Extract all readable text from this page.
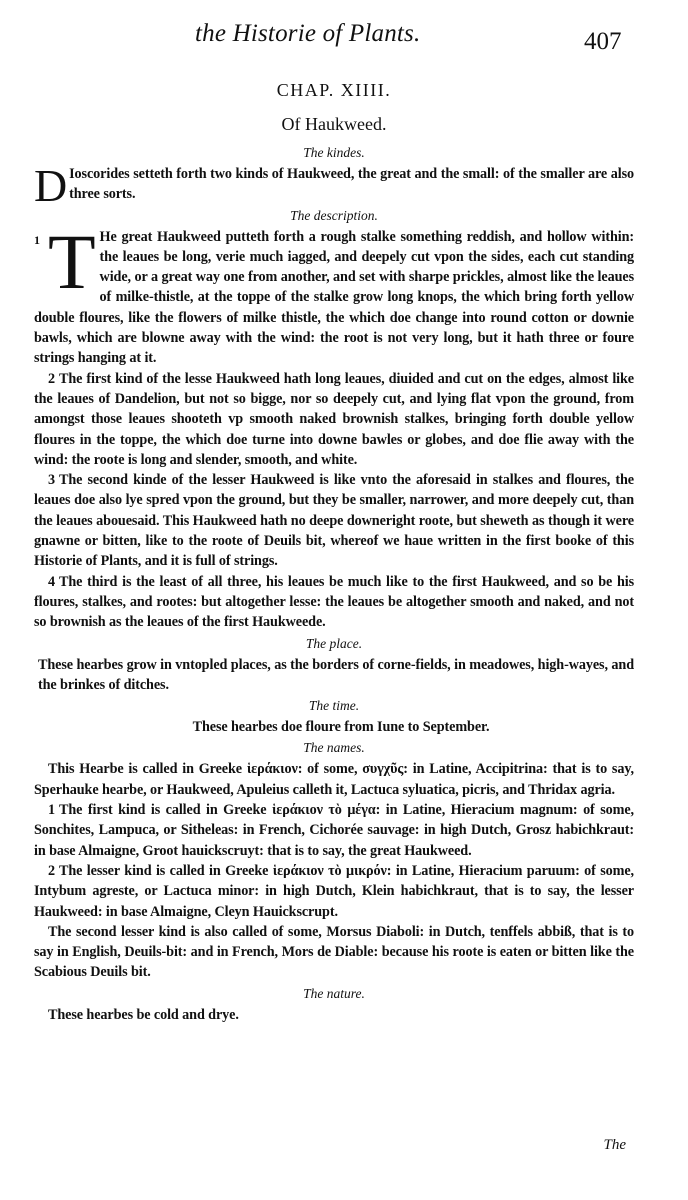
the Historie of Plants.	407
CHAP. XIIII.
Of Haukweed.
The kindes.

D Ioscorides setteth forth two kinds of Haukweed, the great and the small: of the smaller are also three sorts.

The description.
1 T He great Haukweed putteth forth a rough stalke something reddish, and hollow within: the leaues be long, verie much iagged, and deepely cut vpon the sides, each cut standing wide, or a great way one from another, and set with sharpe prickles, almost like the leaues of milke-thistle, at the toppe of the stalke grow long knops, the which bring forth yellow double floures, like the flowers of milke thistle, the which doe change into round cotton or downie bawls, which are blowne away with the wind: the root is not very long, but it hath three or foure strings hanging at it.

2 The first kind of the lesse Haukweed hath long leaues, diuided and cut on the edges, almost like the leaues of Dandelion, but not so bigge, nor so deepely cut, and lying flat vpon the ground, from amongst those leaues shooteth vp smooth naked brownish stalkes, bringing forth double yellow floures in the toppe, the which doe turne into downe bawles or globes, and doe flie away with the wind: the roote is long and slender, smooth, and white.

3 The second kinde of the lesser Haukweed is like vnto the aforesaid in stalkes and floures, the leaues doe also lye spred vpon the ground, but they be smaller, narrower, and more deepely cut, than the leaues abouesaid. This Haukweed hath no deepe downeright roote, but sheweth as though it were gnawne or bitten, like to the roote of Deuils bit, whereof we haue written in the first booke of this Historie of Plants, and it is full of strings.

4 The third is the least of all three, his leaues be much like to the first Haukweed, and so be his floures, stalkes, and rootes: but altogether lesse: the leaues be altogether smooth and naked, and not so brownish as the leaues of the first Haukweede.

The place.

These hearbes grow in vntopled places, as the borders of corne-fields, in meadowes, high-wayes, and the brinkes of ditches.

The time.

These hearbes doe floure from Iune to September.

The names.

This Hearbe is called in Greeke ἱεράκιον: of some, συγχῦς: in Latine, Accipitrina: that is to say, Sperhauke hearbe, or Haukweed, Apuleius calleth it, Lactuca syluatica, picris, and Thridax agria.

1 The first kind is called in Greeke ἱεράκιον τὸ μέγα: in Latine, Hieracium magnum: of some, Sonchites, Lampuca, or Sitheleas: in French, Cichorée sauvage: in high Dutch, Grosz habichkraut: in base Almaigne, Groot hauickscruyt: that is to say, the great Haukweed.

2 The lesser kind is called in Greeke ἱεράκιον τὸ μικρόν: in Latine, Hieracium paruum: of some, Intybum agreste, or Lactuca minor: in high Dutch, Klein habichkraut, that is to say, the lesser Haukweed: in base Almaigne, Cleyn Hauickscrupt.

The second lesser kind is also called of some, Morsus Diaboli: in Dutch, tenffels abbiß, that is to say in English, Deuils-bit: and in French, Mors de Diable: because his roote is eaten or bitten like the Scabious Deuils bit.

The nature.

These hearbes be cold and drye.

The
